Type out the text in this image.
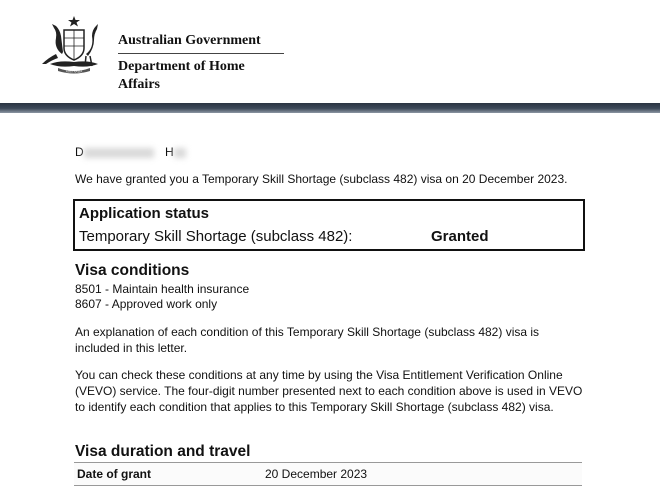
AUSTRALIA
Australian Government
Department of Home Affairs
D	H

We have granted you a Temporary Skill Shortage (subclass 482) visa on 20 December 2023.

Application status
Temporary Skill Shortage (subclass 482):	Granted
Visa conditions
8501 - Maintain health insurance
8607 - Approved work only

An explanation of each condition of this Temporary Skill Shortage (subclass 482) visa is included in this letter.

You can check these conditions at any time by using the Visa Entitlement Verification Online (VEVO) service. The four-digit number presented next to each condition above is used in VEVO to identify each condition that applies to this Temporary Skill Shortage (subclass 482) visa.

Visa duration and travel
Date of grant	20 December 2023
